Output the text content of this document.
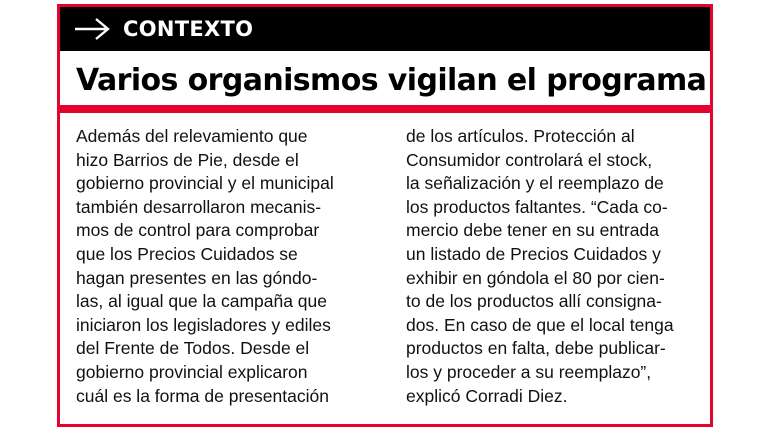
CONTEXTO
Varios organismos vigilan el programa
Además del relevamiento que
hizo Barrios de Pie, desde el
gobierno provincial y el municipal
también desarrollaron mecanis-
mos de control para comprobar
que los Precios Cuidados se
hagan presentes en las góndo-
las, al igual que la campaña que
iniciaron los legisladores y ediles
del Frente de Todos. Desde el
gobierno provincial explicaron
cuál es la forma de presentación
de los artículos. Protección al
Consumidor controlará el stock,
la señalización y el reemplazo de
los productos faltantes. “Cada co-
mercio debe tener en su entrada
un listado de Precios Cuidados y
exhibir en góndola el 80 por cien-
to de los productos allí consigna-
dos. En caso de que el local tenga
productos en falta, debe publicar-
los y proceder a su reemplazo”,
explicó Corradi Diez.
